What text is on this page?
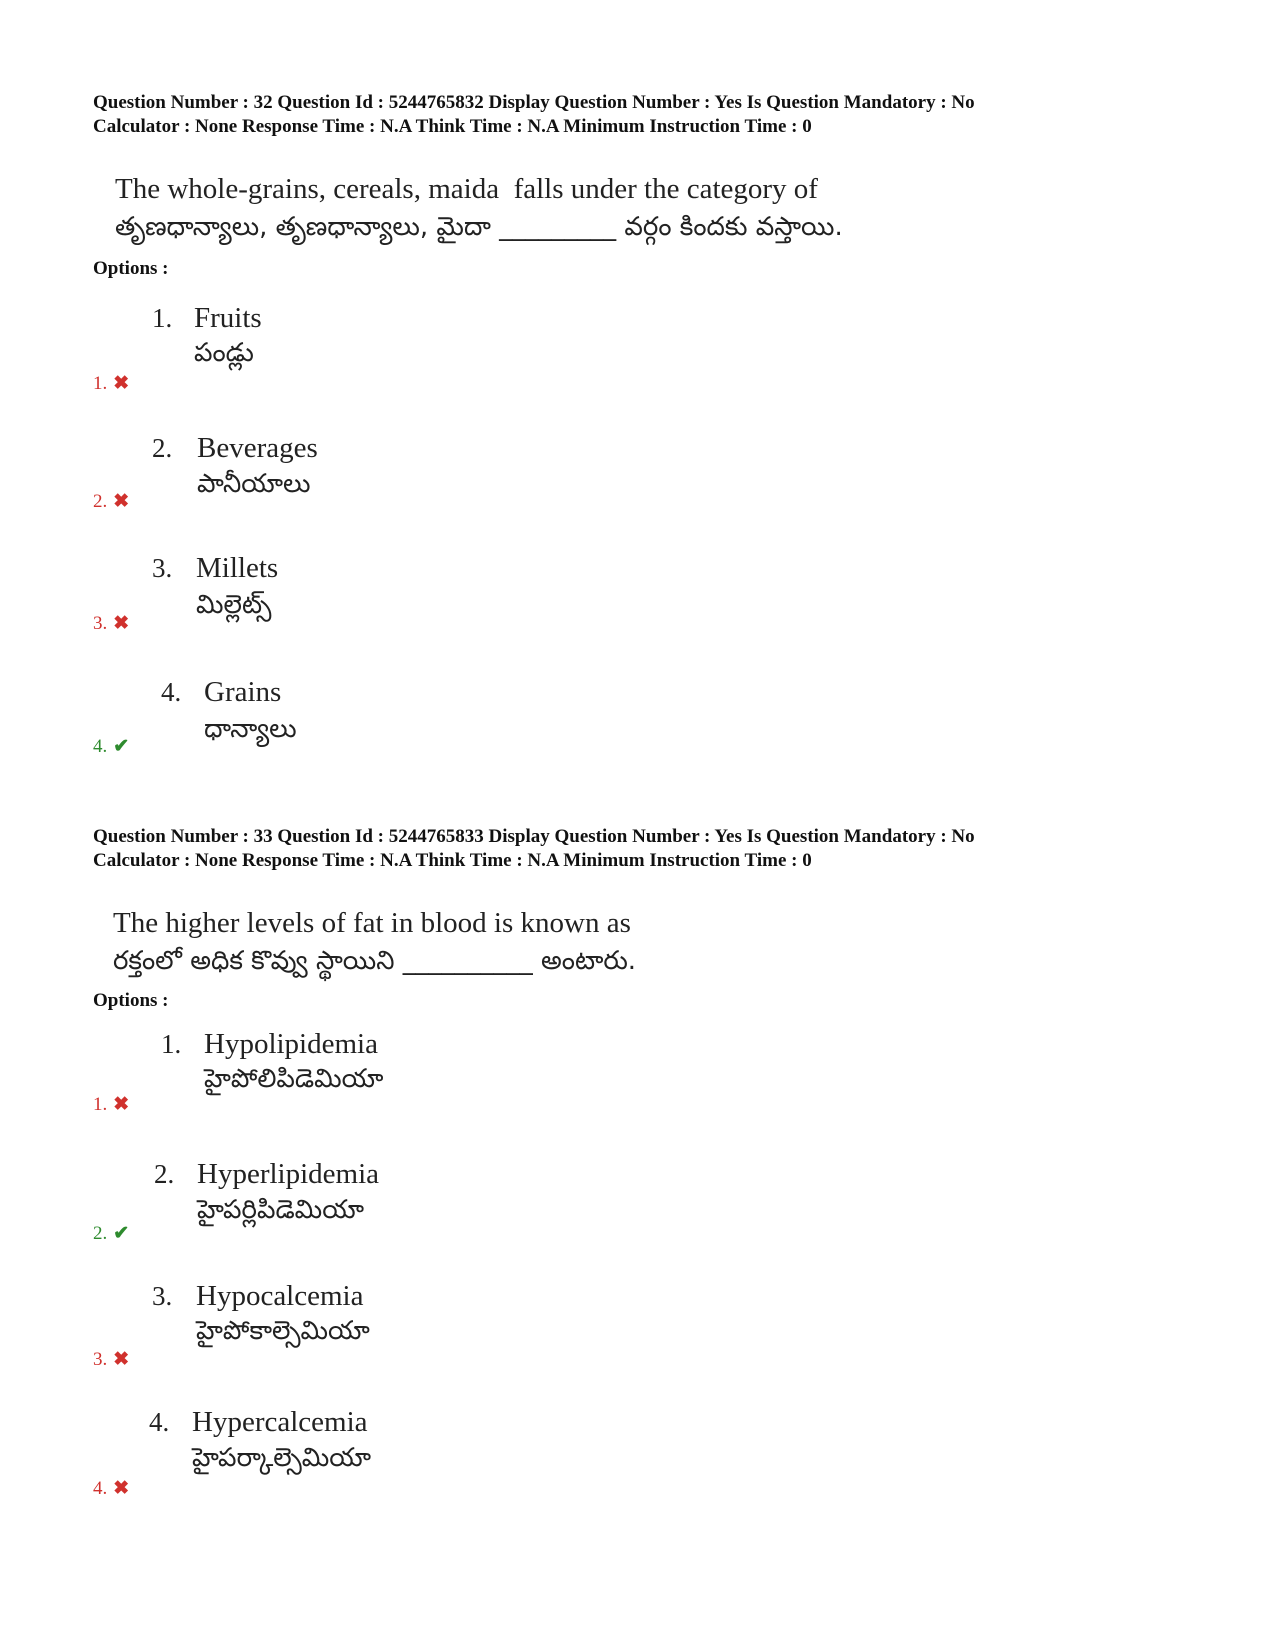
Question Number : 32 Question Id : 5244765832 Display Question Number : Yes Is Question Mandatory : No
Calculator : None Response Time : N.A Think Time : N.A Minimum Instruction Time : 0
The whole-grains, cereals, maida  falls under the category of
తృణధాన్యాలు, తృణధాన్యాలు, మైదా _________ వర్గం కిందకు వస్తాయి.
Options :
1. Fruits
పండ్లు
1. ✖
2. Beverages
పానీయాలు
2. ✖
3. Millets
మిల్లెట్స్
3. ✖
4. Grains
ధాన్యాలు
4. ✔
Question Number : 33 Question Id : 5244765833 Display Question Number : Yes Is Question Mandatory : No
Calculator : None Response Time : N.A Think Time : N.A Minimum Instruction Time : 0
The higher levels of fat in blood is known as
రక్తంలో అధిక కొవ్వు స్థాయిని __________ అంటారు.
Options :
1. Hypolipidemia
హైపోలిపిడెమియా
1. ✖
2. Hyperlipidemia
హైపర్లిపిడెమియా
2. ✔
3. Hypocalcemia
హైపోకాల్సెమియా
3. ✖
4. Hypercalcemia
హైపర్కాల్సెమియా
4. ✖
